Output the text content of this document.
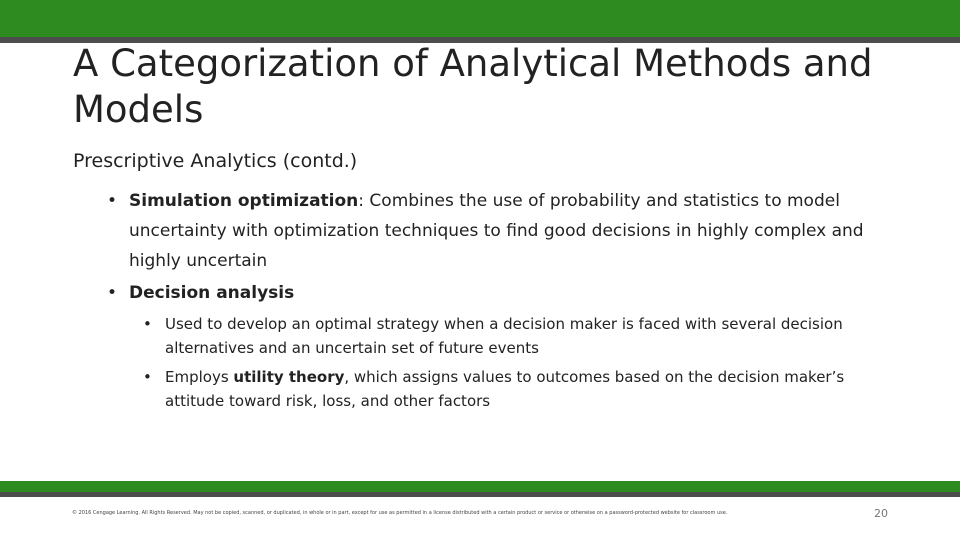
A Categorization of Analytical Methods and Models
Prescriptive Analytics (contd.)
• Simulation optimization: Combines the use of probability and statistics to model uncertainty with optimization techniques to find good decisions in highly complex and highly uncertain
• Decision analysis
• Used to develop an optimal strategy when a decision maker is faced with several decision alternatives and an uncertain set of future events
• Employs utility theory, which assigns values to outcomes based on the decision maker’s attitude toward risk, loss, and other factors
© 2016 Cengage Learning. All Rights Reserved. May not be copied, scanned, or duplicated, in whole or in part, except for use as permitted in a license distributed with a certain product or service or otherwise on a password-protected website for classroom use.	20
